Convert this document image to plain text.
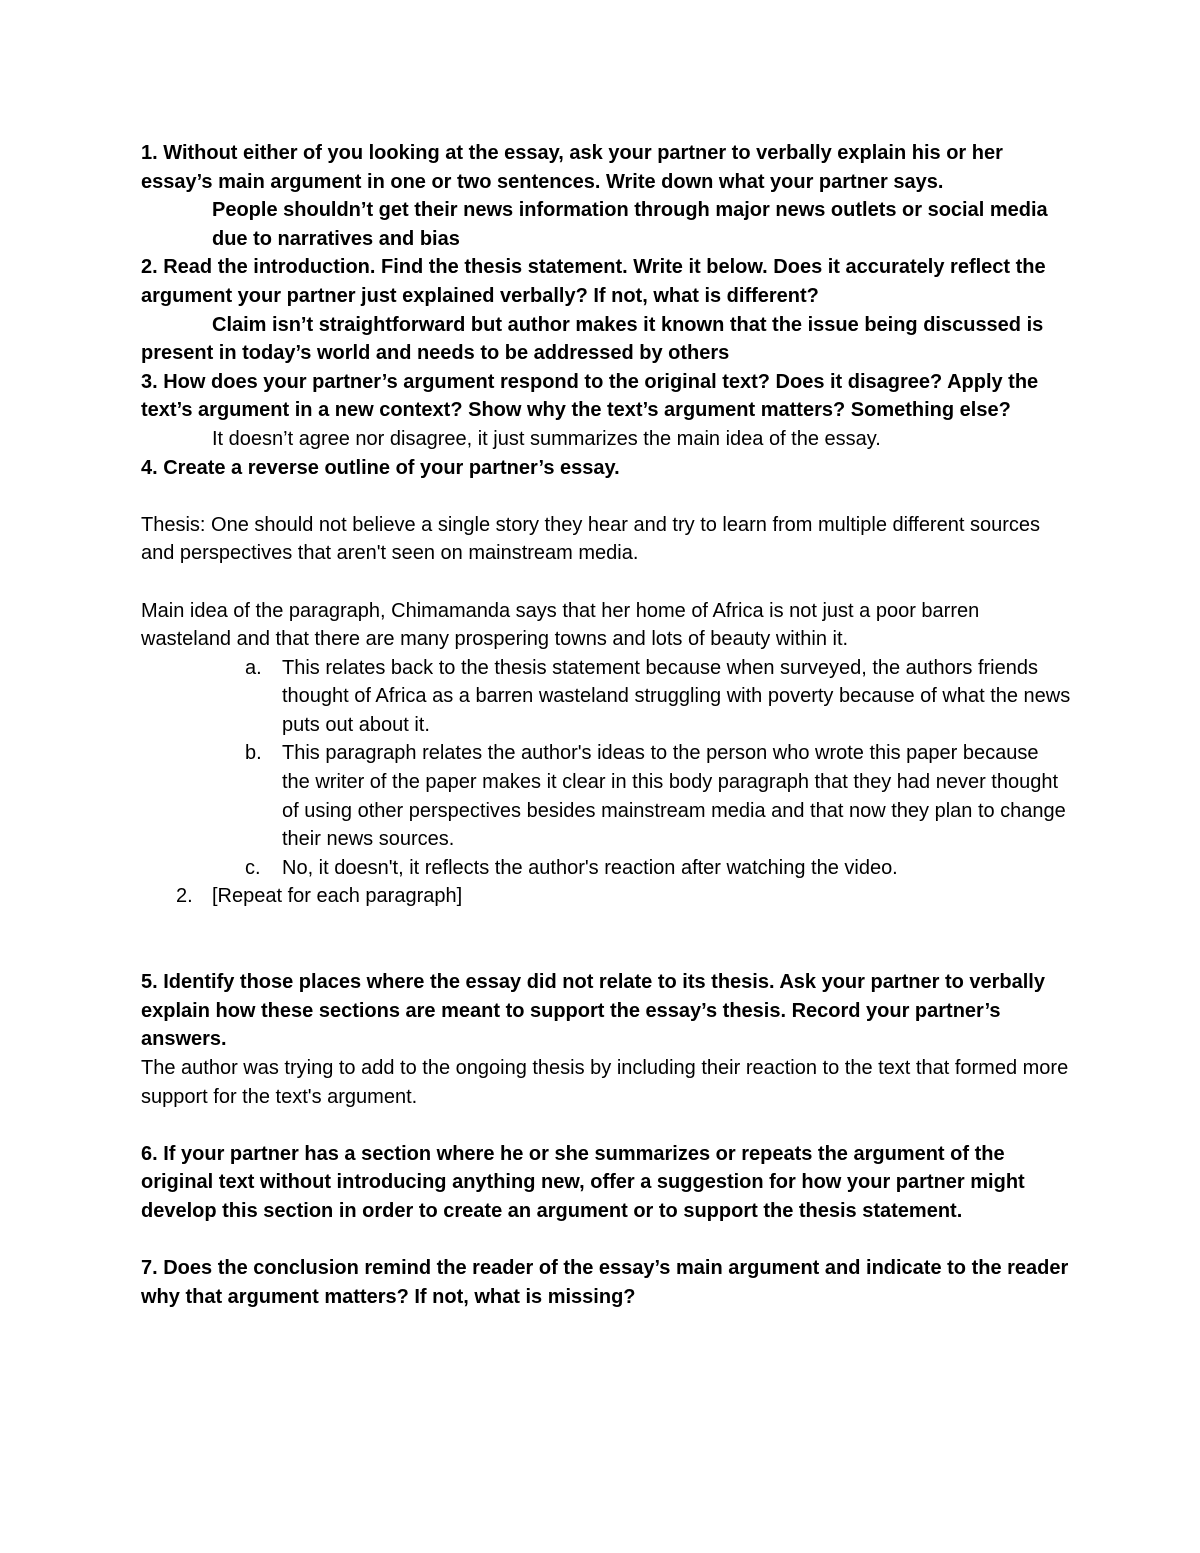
1. Without either of you looking at the essay, ask your partner to verbally explain his or her essay’s main argument in one or two sentences. Write down what your partner says.

People shouldn’t get their news information through major news outlets or social media due to narratives and bias

2. Read the introduction. Find the thesis statement. Write it below. Does it accurately reflect the argument your partner just explained verbally? If not, what is different?

Claim isn’t straightforward but author makes it known that the issue being discussed is present in today’s world and needs to be addressed by others

3. How does your partner’s argument respond to the original text? Does it disagree? Apply the text’s argument in a new context? Show why the text’s argument matters? Something else?

It doesn’t agree nor disagree, it just summarizes the main idea of the essay.

4. Create a reverse outline of your partner’s essay.

Thesis: One should not believe a single story they hear and try to learn from multiple different sources and perspectives that aren't seen on mainstream media.

Main idea of the paragraph, Chimamanda says that her home of Africa is not just a poor barren wasteland and that there are many prospering towns and lots of beauty within it.

a. This relates back to the thesis statement because when surveyed, the authors friends thought of Africa as a barren wasteland struggling with poverty because of what the news puts out about it.
b. This paragraph relates the author's ideas to the person who wrote this paper because the writer of the paper makes it clear in this body paragraph that they had never thought of using other perspectives besides mainstream media and that now they plan to change their news sources.
c. No, it doesn't, it reflects the author's reaction after watching the video.
2. [Repeat for each paragraph]

5. Identify those places where the essay did not relate to its thesis. Ask your partner to verbally explain how these sections are meant to support the essay’s thesis. Record your partner’s answers.

The author was trying to add to the ongoing thesis by including their reaction to the text that formed more support for the text's argument.

6. If your partner has a section where he or she summarizes or repeats the argument of the original text without introducing anything new, offer a suggestion for how your partner might develop this section in order to create an argument or to support the thesis statement.

7. Does the conclusion remind the reader of the essay’s main argument and indicate to the reader why that argument matters? If not, what is missing?
